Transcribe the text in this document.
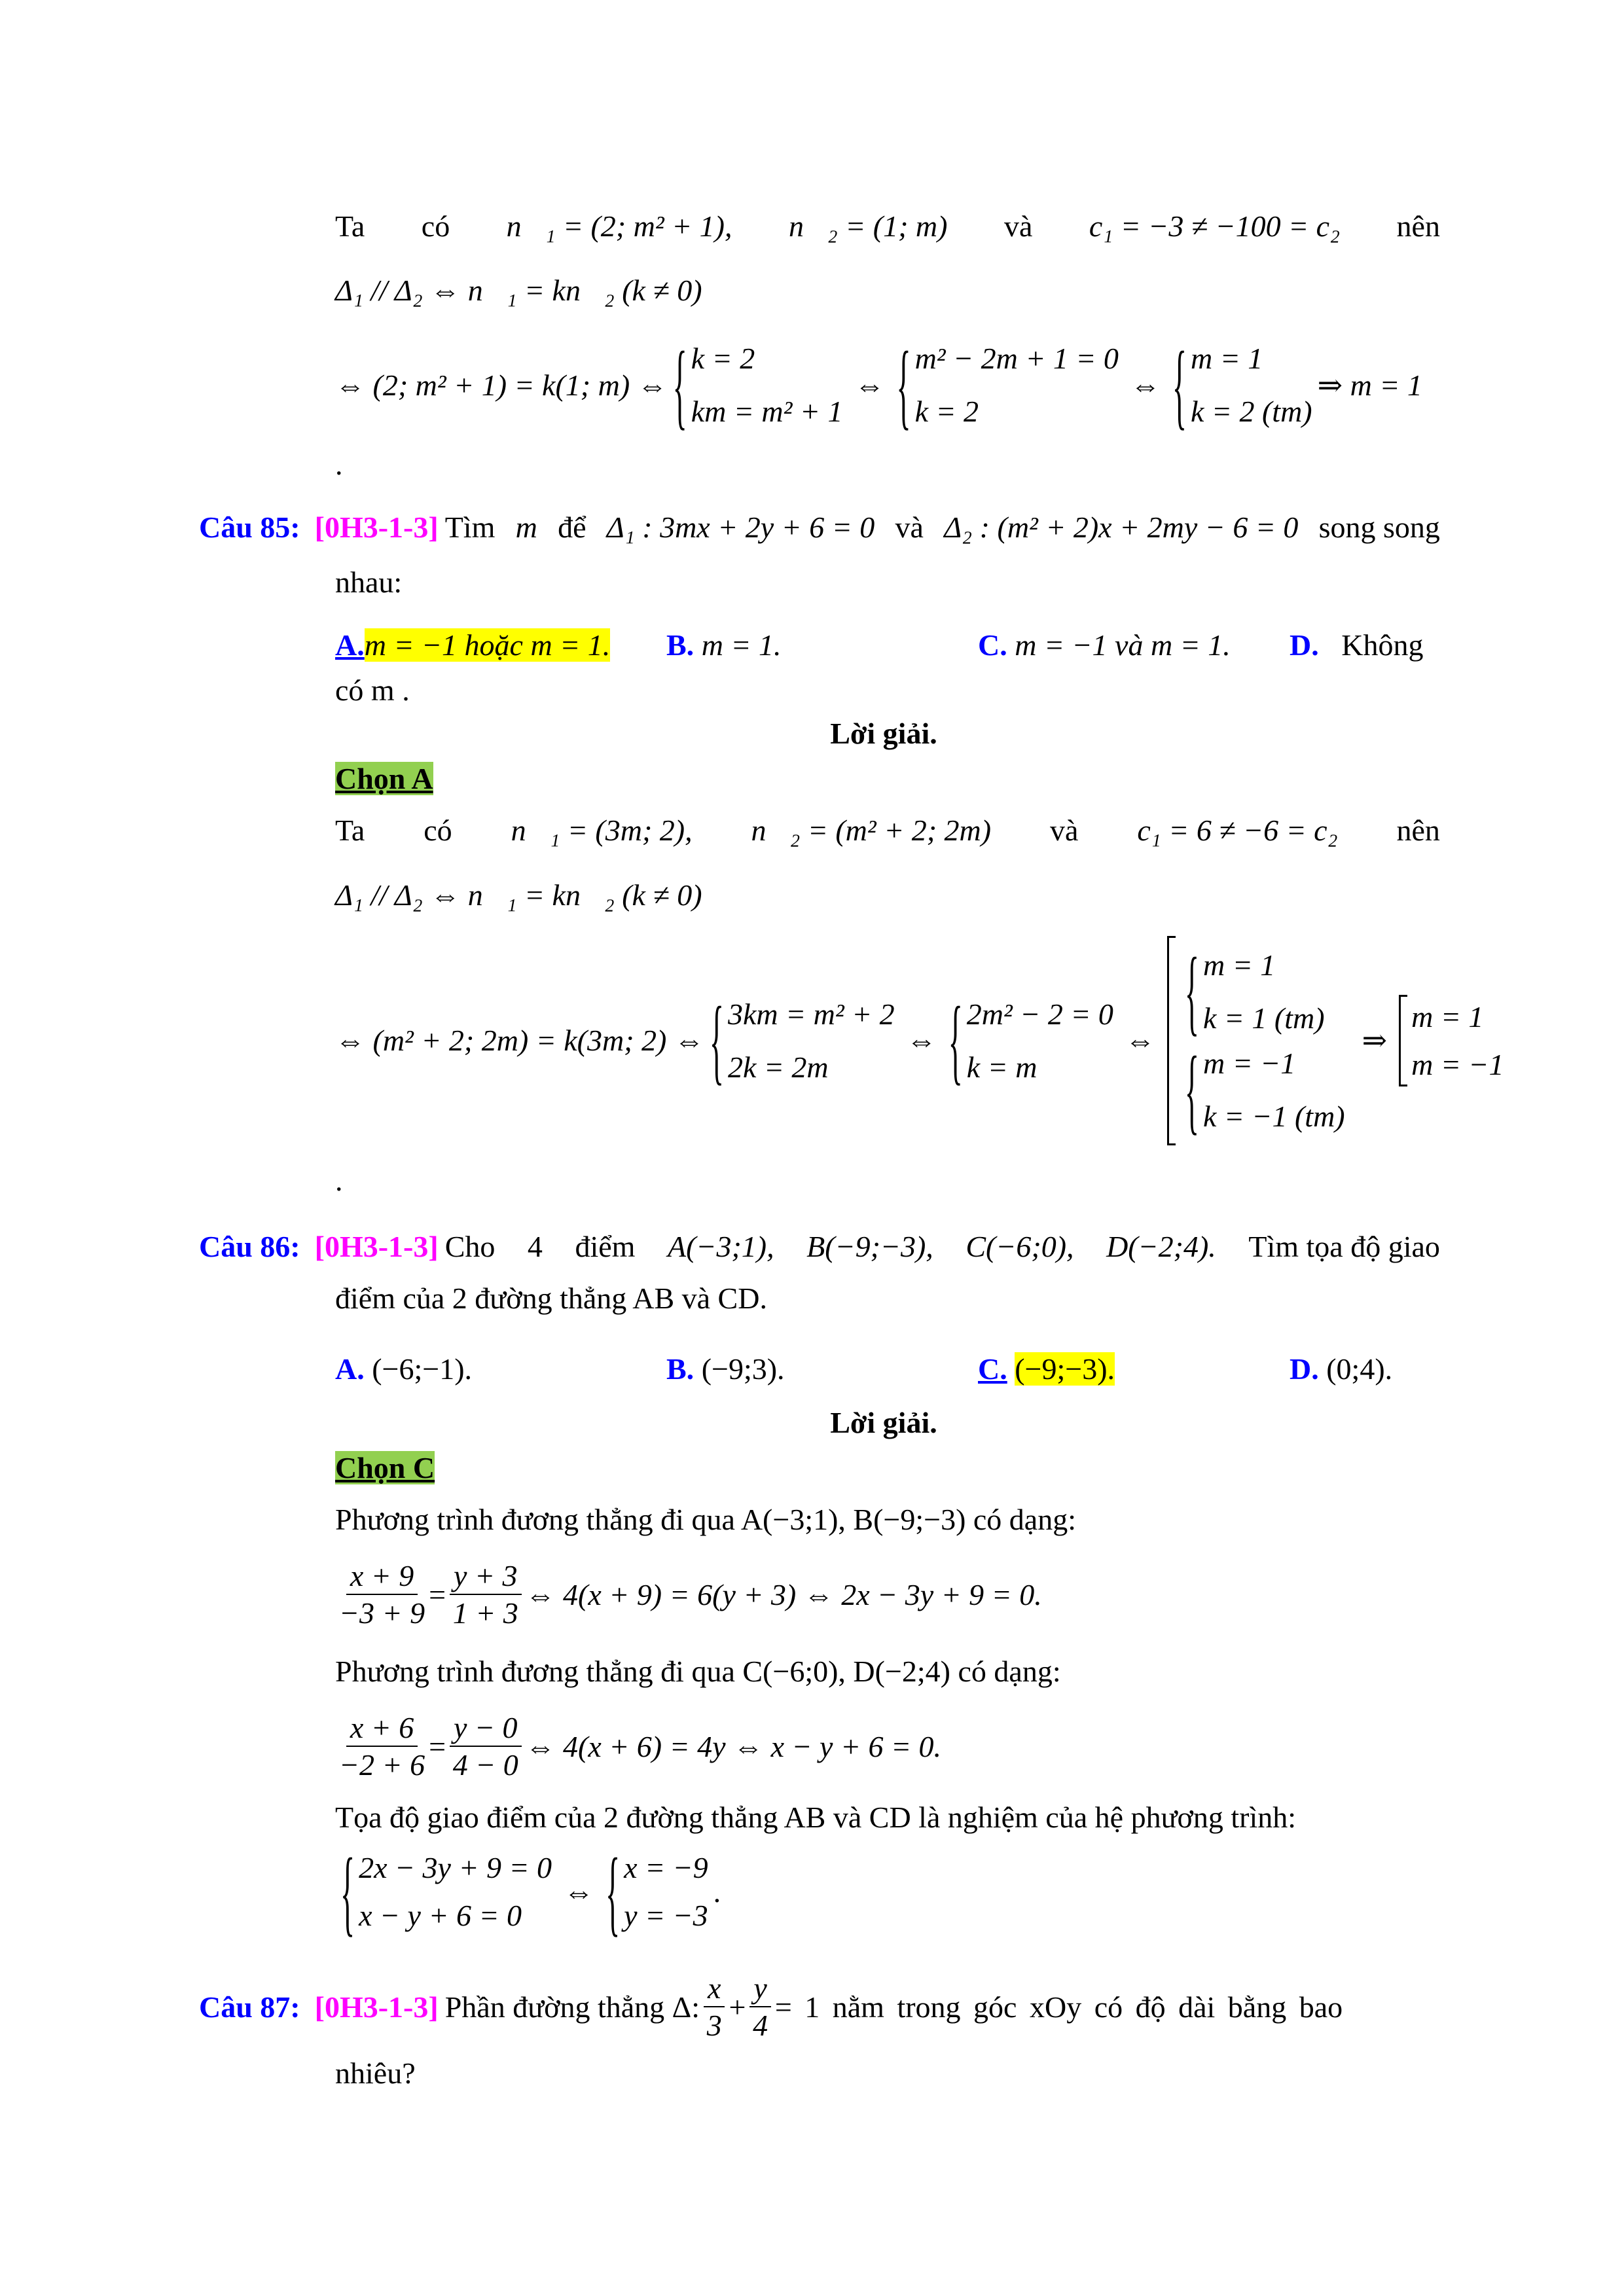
Ta có n⃗₁ = (2; m² + 1), n⃗₂ = (1; m) và c₁ = −3 ≠ −100 = c₂ nên
Δ₁ // Δ₂ ⇔ n⃗₁ = kn⃗₂ (k ≠ 0)
⇔ (2; m² + 1) = k(1; m) ⇔ { k = 2
km = m² + 1
⇔ { m² − 2m + 1 = 0
k = 2
⇔ { m = 1
k = 2 (tm)
⇒ m = 1
.
Câu 85: [0H3-1-3] Tìm m để Δ₁ : 3mx + 2y + 6 = 0 và Δ₂ : (m² + 2)x + 2my − 6 = 0 song song
nhau:
A.m = −1 hoặc m = 1. B. m = 1.	C. m = −1 và m = 1. D. Không
có m .
Lời giải.
Chọn A
Ta có n⃗₁ = (3m; 2), n⃗₂ = (m² + 2; 2m) và c₁ = 6 ≠ −6 = c₂ nên
Δ₁ // Δ₂ ⇔ n⃗₁ = kn⃗₂ (k ≠ 0)
⇔ (m² + 2; 2m) = k(3m; 2) ⇔ { 3km = m² + 2
2k = 2m
⇔ { 2m² − 2 = 0
k = m
⇔ { m = 1
k = 1 (tm)
{ m = −1
k = −1 (tm)
⇒
m = 1
m = −1
.
Câu 86: [0H3-1-3] Cho 4 điểm A(−3;1), B(−9;−3), C(−6;0), D(−2;4). Tìm tọa độ giao
điểm của 2 đường thẳng AB và CD.
A. (−6;−1).	B. (−9;3).	C. (−9;−3).	D. (0;4).
Lời giải.
Chọn C
Phương trình đương thẳng đi qua A(−3;1), B(−9;−3) có dạng:
$\frac{x + 9}{-3 + 9} = \frac{y + 3}{1 + 3}$ ⇔ 4(x + 9) = 6(y + 3) ⇔ 2x − 3y + 9 = 0.
Phương trình đương thẳng đi qua C(−6;0), D(−2;4) có dạng:
$\frac{x + 6}{-2 + 6} = \frac{y - 0}{4 - 0}$ ⇔ 4(x + 6) = 4y ⇔ x − y + 6 = 0.
Tọa độ giao điểm của 2 đường thẳng AB và CD là nghiệm của hệ phương trình:
{ 2x − 3y + 9 = 0
x − y + 6 = 0
⇔ { x = −9
y = −3
.
Câu 87: [0H3-1-3] Phần đường thẳng Δ: $\frac{x}{3} + \frac{y}{4} = 1$ nằm trong góc xOy có độ dài bằng bao
nhiêu?
